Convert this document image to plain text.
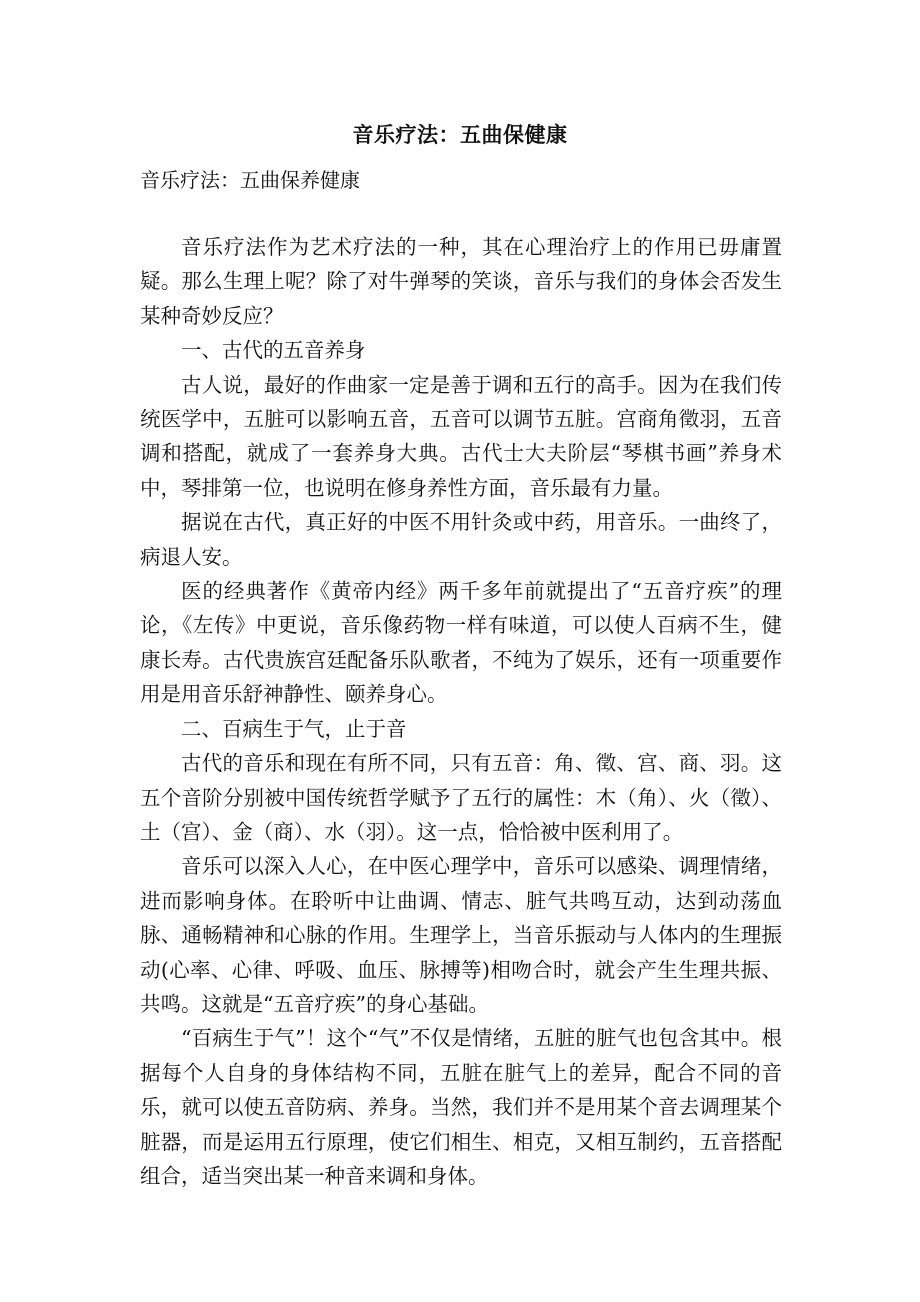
音乐疗法：五曲保健康
音乐疗法：五曲保养健康

音乐疗法作为艺术疗法的一种，其在心理治疗上的作用已毋庸置疑。那么生理上呢？除了对牛弹琴的笑谈，音乐与我们的身体会否发生某种奇妙反应？

一、古代的五音养身

古人说，最好的作曲家一定是善于调和五行的高手。因为在我们传统医学中，五脏可以影响五音，五音可以调节五脏。宫商角徵羽，五音调和搭配，就成了一套养身大典。古代士大夫阶层“琴棋书画”养身术中，琴排第一位，也说明在修身养性方面，音乐最有力量。

据说在古代，真正好的中医不用针灸或中药，用音乐。一曲终了，病退人安。

医的经典著作《黄帝内经》两千多年前就提出了“五音疗疾”的理论，《左传》中更说，音乐像药物一样有味道，可以使人百病不生，健康长寿。古代贵族宫廷配备乐队歌者，不纯为了娱乐，还有一项重要作用是用音乐舒神静性、颐养身心。

二、百病生于气，止于音

古代的音乐和现在有所不同，只有五音：角、徵、宫、商、羽。这五个音阶分别被中国传统哲学赋予了五行的属性：木（角）、火（徵）、土（宫）、金（商）、水（羽）。这一点，恰恰被中医利用了。

音乐可以深入人心，在中医心理学中，音乐可以感染、调理情绪，进而影响身体。在聆听中让曲调、情志、脏气共鸣互动，达到动荡血脉、通畅精神和心脉的作用。生理学上，当音乐振动与人体内的生理振动(心率、心律、呼吸、血压、脉搏等)相吻合时，就会产生生理共振、共鸣。这就是“五音疗疾”的身心基础。

“百病生于气”！这个“气”不仅是情绪，五脏的脏气也包含其中。根据每个人自身的身体结构不同，五脏在脏气上的差异，配合不同的音乐，就可以使五音防病、养身。当然，我们并不是用某个音去调理某个脏器，而是运用五行原理，使它们相生、相克，又相互制约，五音搭配组合，适当突出某一种音来调和身体。
